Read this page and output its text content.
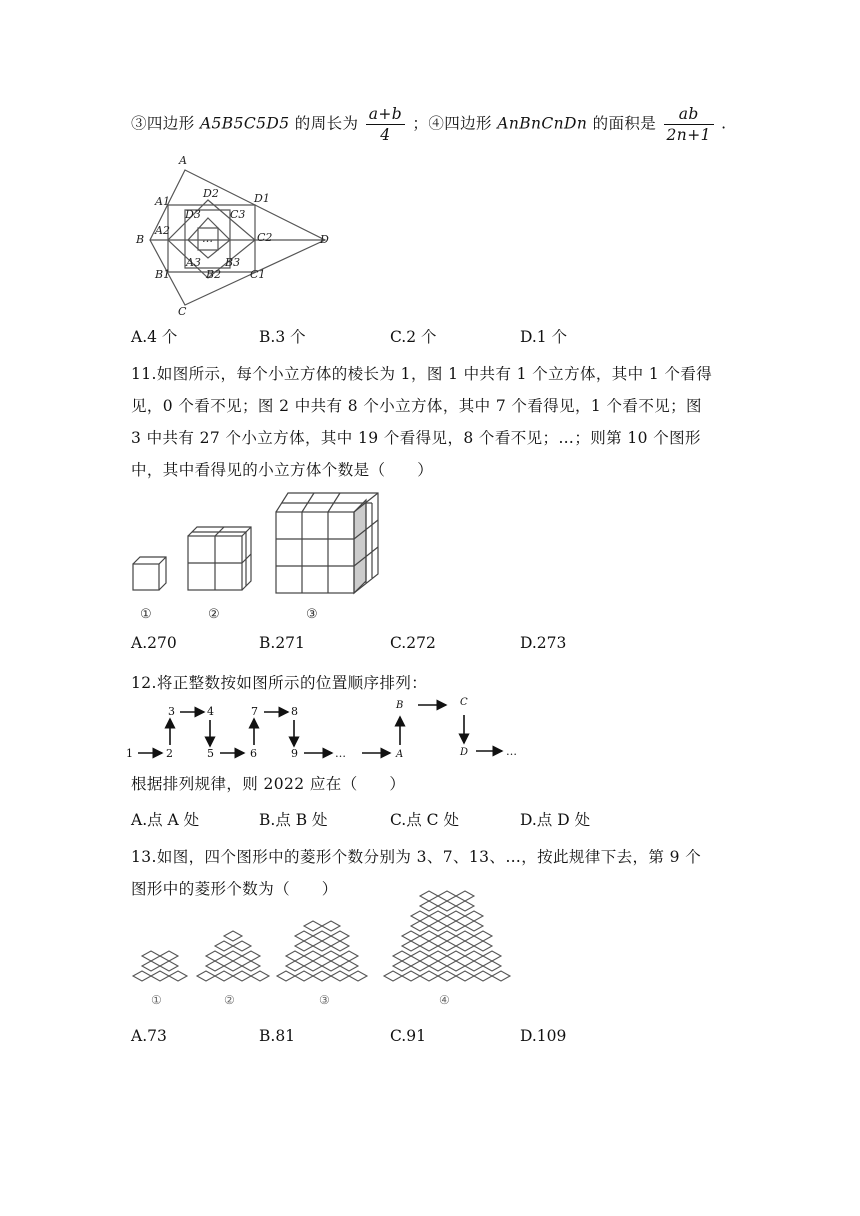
③四边形 A5B5C5D5 的周长为 $\frac{a+b}{4}$ ；④四边形 AnBnCnDn 的面积是 $\frac{ab}{2n+1}$ .
A
A1
B
A2
B1
C
B2
D2	D1
C2
C1
D
D3	C3
A3 B3
…
A.4 个	B.3 个	C.2 个	D.1 个
11.如图所示，每个小立方体的棱长为 1，图 1 中共有 1 个立方体，其中 1 个看得
见，0 个看不见；图 2 中共有 8 个小立方体，其中 7 个看得见，1 个看不见；图
3 中共有 27 个小立方体，其中 19 个看得见，8 个看不见；…；则第 10 个图形
中，其中看得见的小立方体个数是（　　）
①	②	③
A.270	B.271	C.272	D.273
12.将正整数按如图所示的位置顺序排列：
1	2
3	4
5	6
7	8
9	…	A
B	C
D	…
根据排列规律，则 2022 应在（　　）
A.点 A 处	B.点 B 处	C.点 C 处	D.点 D 处
13.如图，四个图形中的菱形个数分别为 3、7、13、…，按此规律下去，第 9 个
图形中的菱形个数为（　　）
①	②	③	④
A.73	B.81	C.91	D.109
